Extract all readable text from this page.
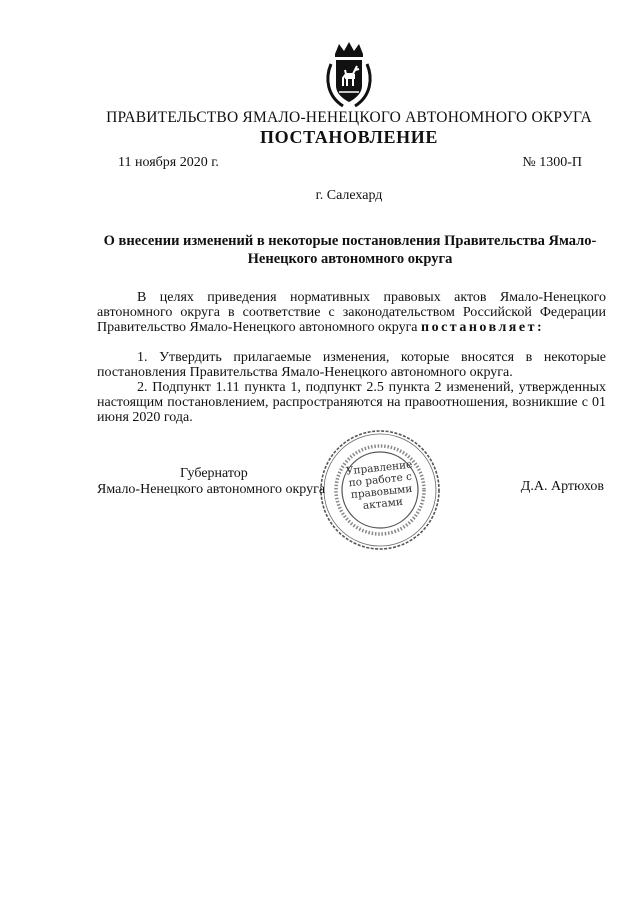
ПРАВИТЕЛЬСТВО ЯМАЛО-НЕНЕЦКОГО АВТОНОМНОГО ОКРУГА
ПОСТАНОВЛЕНИЕ
11 ноября 2020 г.	№ 1300-П
г. Салехард
О внесении изменений в некоторые постановления Правительства Ямало-Ненецкого автономного округа
В целях приведения нормативных правовых актов Ямало-Ненецкого автономного округа в соответствие с законодательством Российской Федерации Правительство Ямало-Ненецкого автономного округа постановляет:
1. Утвердить прилагаемые изменения, которые вносятся в некоторые постановления Правительства Ямало-Ненецкого автономного округа.
2. Подпункт 1.11 пункта 1, подпункт 2.5 пункта 2 изменений, утвержденных настоящим постановлением, распространяются на правоотношения, возникшие с 01 июня 2020 года.
Управление по работе с правовыми актами
Губернатор
Ямало-Ненецкого автономного округа	Д.А. Артюхов
